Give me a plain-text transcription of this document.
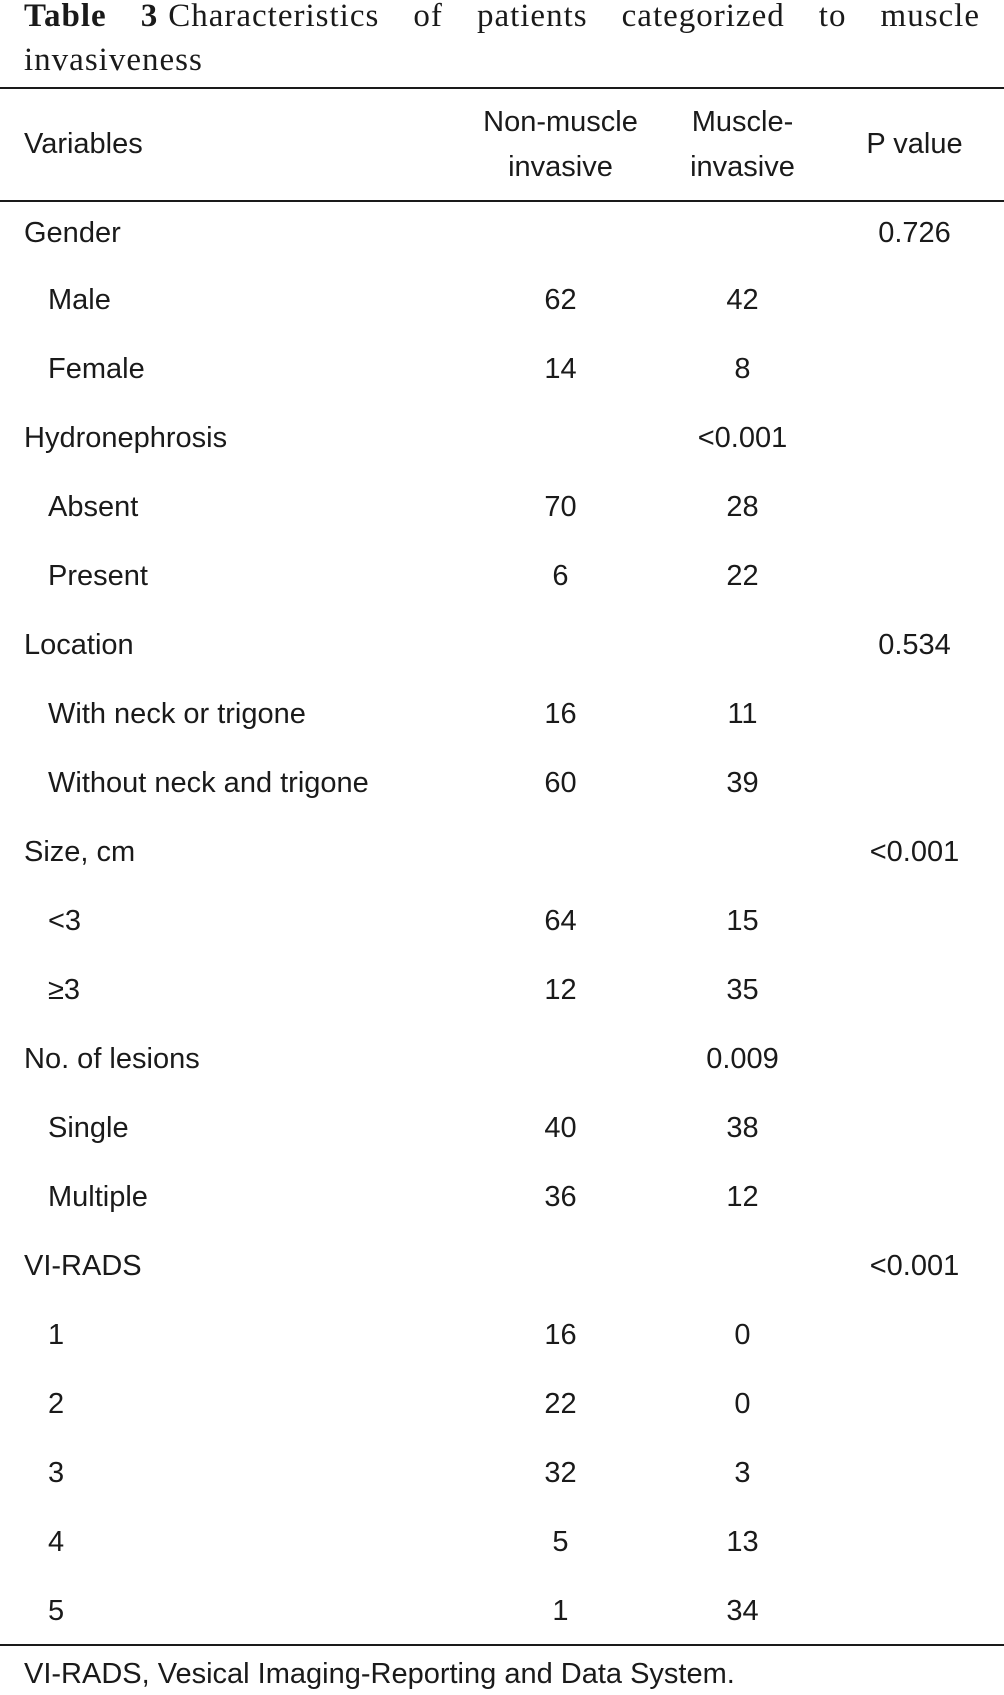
Table 3 Characteristics of patients categorized to muscle invasiveness
Variables	Non-muscle invasive	Muscle-invasive	P value
Gender			0.726
Male	62	42	
Female	14	8	
Hydronephrosis		<0.001	
Absent	70	28	
Present	6	22	
Location			0.534
With neck or trigone	16	11	
Without neck and trigone	60	39	
Size, cm			<0.001
<3	64	15	
≥3	12	35	
No. of lesions		0.009	
Single	40	38	
Multiple	36	12	
VI-RADS			<0.001
1	16	0	
2	22	0	
3	32	3	
4	5	13	
5	1	34	
VI-RADS, Vesical Imaging-Reporting and Data System.
